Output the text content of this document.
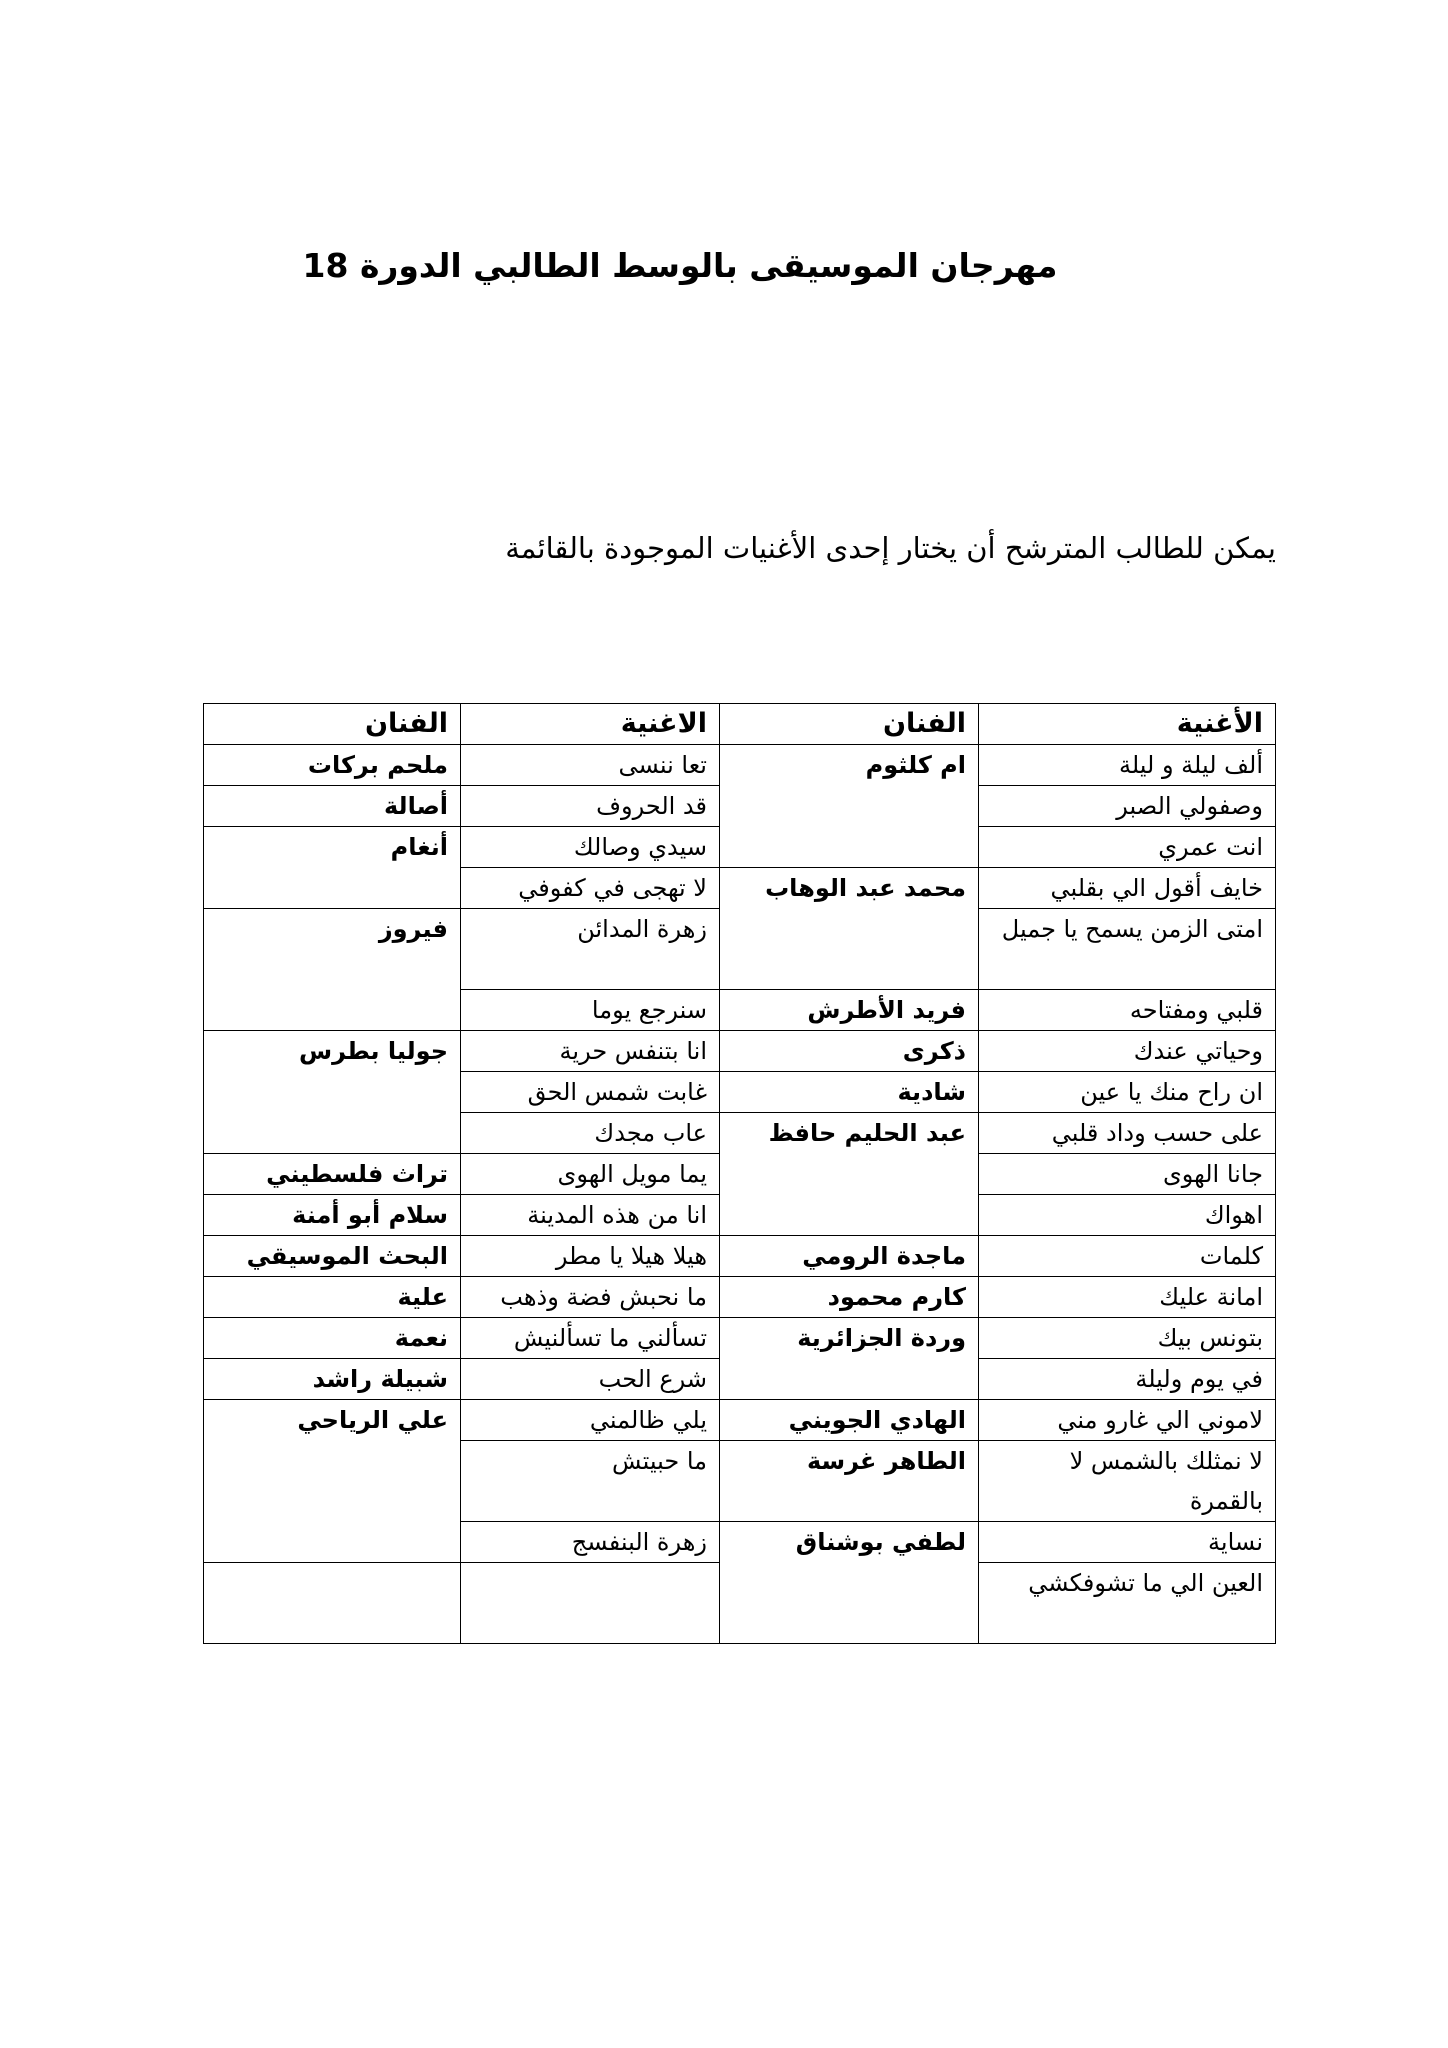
مهرجان الموسيقى بالوسط الطالبي الدورة 18
يمكن للطالب المترشح أن يختار إحدى الأغنيات الموجودة بالقائمة
الأغنية	الفنان	الاغنية	الفنان
ألف ليلة و ليلة	ام كلثوم	تعا ننسى	ملحم بركات
وصفولي الصبر		قد الحروف	أصالة
انت عمري		سيدي وصالك	أنغام
خايف أقول الي بقلبي	محمد عبد الوهاب	لا تهجى في كفوفي	
امتى الزمن يسمح يا جميل		زهرة المدائن	فيروز
قلبي ومفتاحه	فريد الأطرش	سنرجع يوما	
وحياتي عندك	ذكرى	انا بتنفس حرية	جوليا بطرس
ان راح منك يا عين	شادية	غابت شمس الحق	
على حسب وداد قلبي	عبد الحليم حافظ	عاب مجدك	
جانا الهوى		يما مويل الهوى	تراث فلسطيني
اهواك		انا من هذه المدينة	سلام أبو أمنة
كلمات	ماجدة الرومي	هيلا هيلا يا مطر	البحث الموسيقي
امانة عليك	كارم محمود	ما نحبش فضة وذهب	علية
بتونس بيك	وردة الجزائرية	تسألني ما تسألنيش	نعمة
في يوم وليلة		شرع الحب	شبيلة راشد
لاموني الي غارو مني	الهادي الجويني	يلي ظالمني	علي الرياحي
لا نمثلك بالشمس لا بالقمرة	الطاهر غرسة	ما حبيتش	
نساية	لطفي بوشناق	زهرة البنفسج	
العين الي ما تشوفكشي			
